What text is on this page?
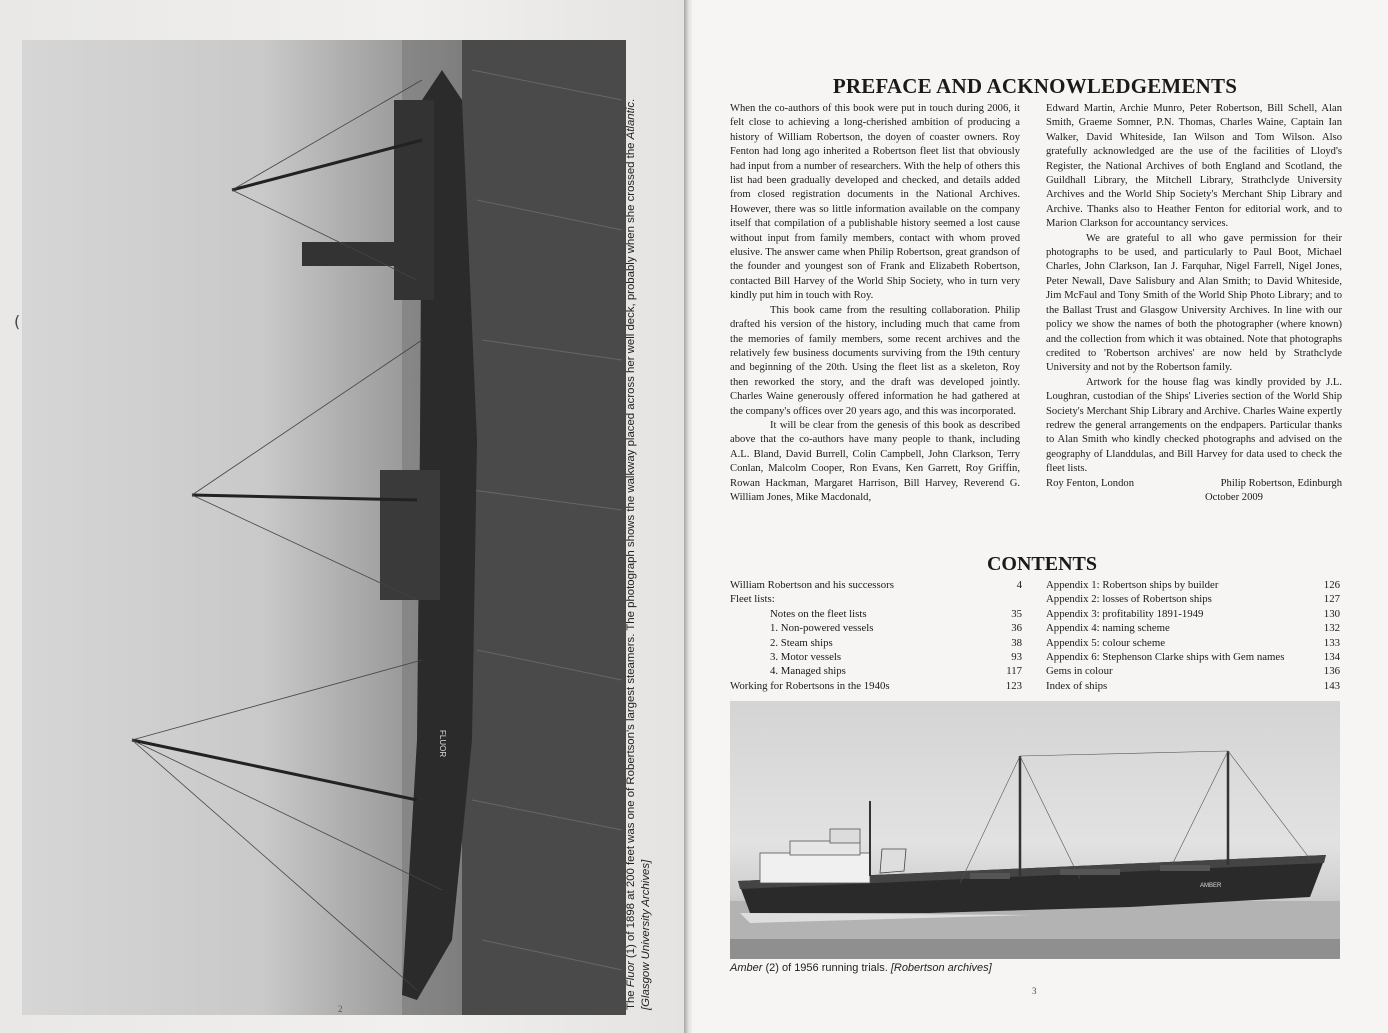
(
FLUOR
The Fluor (1) of 1898 at 200 feet was one of Robertson's largest steamers. The photograph shows the walkway placed across her well deck, probably when she crossed the Atlantic.
[Glasgow University Archives]
2
PREFACE AND ACKNOWLEDGEMENTS

When the co-authors of this book were put in touch during 2006, it felt close to achieving a long-cherished ambition of producing a history of William Robertson, the doyen of coaster owners. Roy Fenton had long ago inherited a Robertson fleet list that obviously had input from a number of researchers. With the help of others this list had been gradually developed and checked, and details added from closed registration documents in the National Archives. However, there was so little information available on the company itself that compilation of a publishable history seemed a lost cause without input from family members, contact with whom proved elusive. The answer came when Philip Robertson, great grandson of the founder and youngest son of Frank and Elizabeth Robertson, contacted Bill Harvey of the World Ship Society, who in turn very kindly put him in touch with Roy.

This book came from the resulting collaboration. Philip drafted his version of the history, including much that came from the memories of family members, some recent archives and the relatively few business documents surviving from the 19th century and beginning of the 20th. Using the fleet list as a skeleton, Roy then reworked the story, and the draft was developed jointly. Charles Waine generously offered information he had gathered at the company's offices over 20 years ago, and this was incorporated.

It will be clear from the genesis of this book as described above that the co-authors have many people to thank, including A.L. Bland, David Burrell, Colin Campbell, John Clarkson, Terry Conlan, Malcolm Cooper, Ron Evans, Ken Garrett, Roy Griffin, Rowan Hackman, Margaret Harrison, Bill Harvey, Reverend G. William Jones, Mike Macdonald,

Edward Martin, Archie Munro, Peter Robertson, Bill Schell, Alan Smith, Graeme Somner, P.N. Thomas, Charles Waine, Captain Ian Walker, David Whiteside, Ian Wilson and Tom Wilson. Also gratefully acknowledged are the use of the facilities of Lloyd's Register, the National Archives of both England and Scotland, the Guildhall Library, the Mitchell Library, Strathclyde University Archives and the World Ship Society's Merchant Ship Library and Archive. Thanks also to Heather Fenton for editorial work, and to Marion Clarkson for accountancy services.

We are grateful to all who gave permission for their photographs to be used, and particularly to Paul Boot, Michael Charles, John Clarkson, Ian J. Farquhar, Nigel Farrell, Nigel Jones, Peter Newall, Dave Salisbury and Alan Smith; to David Whiteside, Jim McFaul and Tony Smith of the World Ship Photo Library; and to the Ballast Trust and Glasgow University Archives. In line with our policy we show the names of both the photographer (where known) and the collection from which it was obtained. Note that photographs credited to 'Robertson archives' are now held by Strathclyde University and not by the Robertson family.

Artwork for the house flag was kindly provided by J.L. Loughran, custodian of the Ships' Liveries section of the World Ship Society's Merchant Ship Library and Archive. Charles Waine expertly redrew the general arrangements on the endpapers. Particular thanks to Alan Smith who kindly checked photographs and advised on the geography of Llanddulas, and Bill Harvey for data used to check the fleet lists.

Roy Fenton, London	Philip Robertson, Edinburgh
October 2009
CONTENTS
William Robertson and his successors	4
Fleet lists:
Notes on the fleet lists	35
1. Non-powered vessels	36
2. Steam ships	38
3. Motor vessels	93
4. Managed ships	117
Working for Robertsons in the 1940s	123
Appendix 1: Robertson ships by builder	126
Appendix 2: losses of Robertson ships	127
Appendix 3: profitability 1891-1949	130
Appendix 4: naming scheme	132
Appendix 5: colour scheme	133
Appendix 6: Stephenson Clarke ships with Gem names	134
Gems in colour	136
Index of ships	143
AMBER
Amber (2) of 1956 running trials. [Robertson archives]
3
